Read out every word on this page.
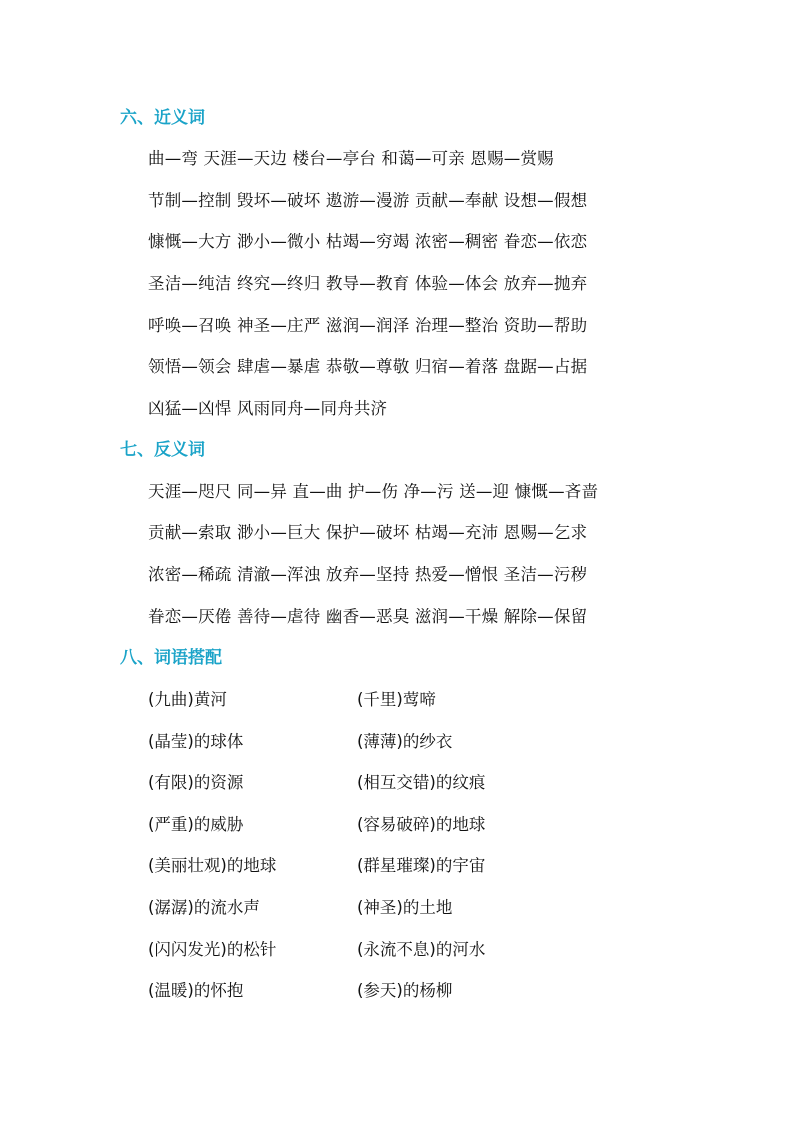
六、近义词
曲—弯 天涯—天边 楼台—亭台 和蔼—可亲 恩赐—赏赐
节制—控制 毁坏—破坏 遨游—漫游 贡献—奉献 设想—假想
慷慨—大方 渺小—微小 枯竭—穷竭 浓密—稠密 眷恋—依恋
圣洁—纯洁 终究—终归 教导—教育 体验—体会 放弃—抛弃
呼唤—召唤 神圣—庄严 滋润—润泽 治理—整治 资助—帮助
领悟—领会 肆虐—暴虐 恭敬—尊敬 归宿—着落 盘踞—占据
凶猛—凶悍 风雨同舟—同舟共济
七、反义词
天涯—咫尺 同—异 直—曲 护—伤 净—污 送—迎 慷慨—吝啬
贡献—索取 渺小—巨大 保护—破坏 枯竭—充沛 恩赐—乞求
浓密—稀疏 清澈—浑浊 放弃—坚持 热爱—憎恨 圣洁—污秽
眷恋—厌倦 善待—虐待 幽香—恶臭 滋润—干燥 解除—保留
八、词语搭配
(九曲)黄河	(千里)莺啼
(晶莹)的球体	(薄薄)的纱衣
(有限)的资源	(相互交错)的纹痕
(严重)的威胁	(容易破碎)的地球
(美丽壮观)的地球	(群星璀璨)的宇宙
(潺潺)的流水声	(神圣)的土地
(闪闪发光)的松针	(永流不息)的河水
(温暖)的怀抱	(参天)的杨柳
